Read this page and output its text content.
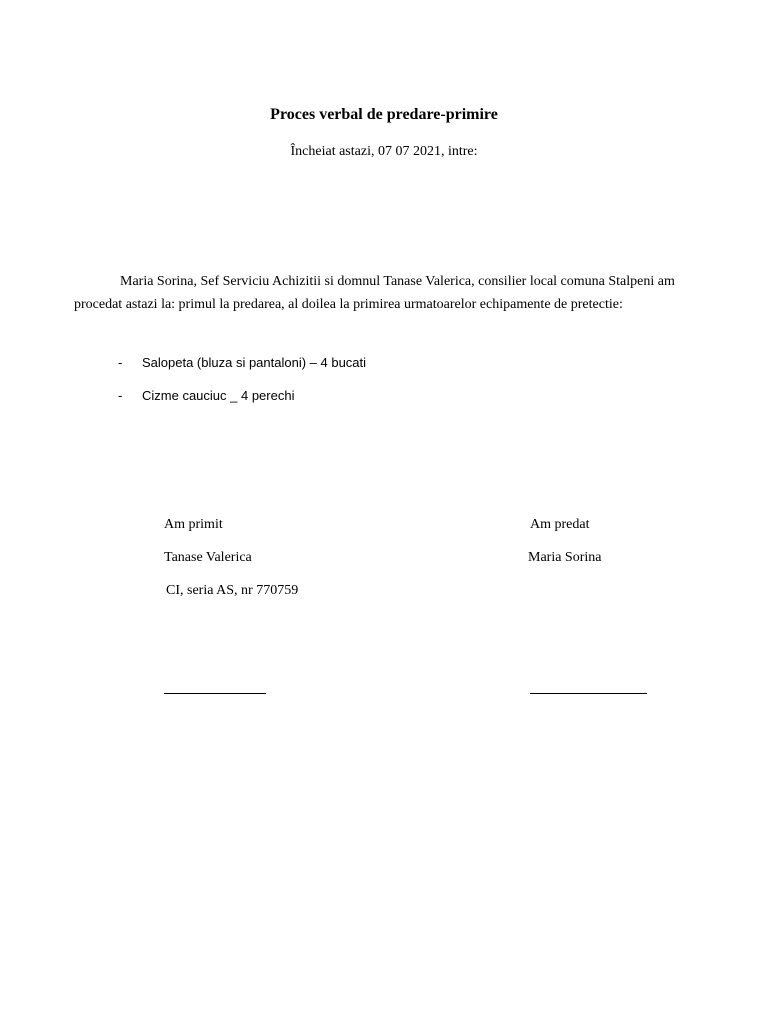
Proces verbal de predare-primire
Încheiat astazi, 07 07 2021, intre:
Maria Sorina, Sef Serviciu Achizitii si domnul Tanase Valerica, consilier local comuna Stalpeni am procedat astazi la: primul la predarea, al doilea la primirea urmatoarelor echipamente de pretectie:
- Salopeta (bluza si pantaloni) – 4 bucati
- Cizme cauciuc _ 4 perechi
Am primit
Tanase Valerica
CI, seria AS, nr 770759
Am predat
Maria Sorina
